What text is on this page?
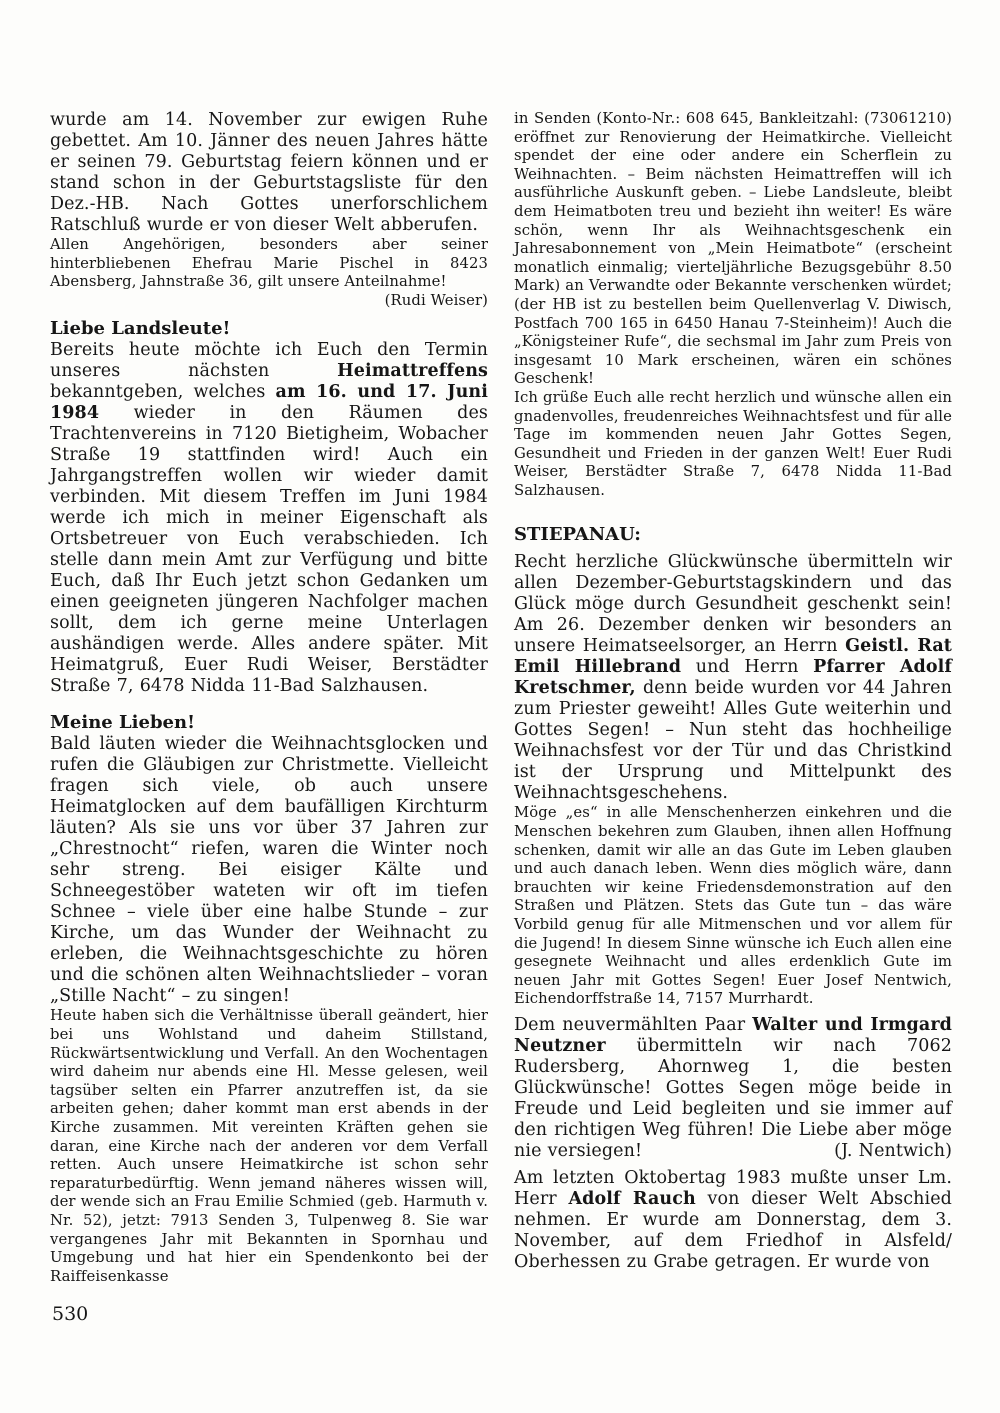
wurde am 14. November zur ewigen Ruhe gebettet. Am 10. Jänner des neuen Jahres hätte er seinen 79. Geburtstag feiern können und er stand schon in der Geburtstagsliste für den Dez.-HB. Nach Gottes unerforschlichem Ratschluß wurde er von dieser Welt abberufen.

Allen Angehörigen, besonders aber seiner hinterbliebenen Ehefrau Marie Pischel in 8423 Abensberg, Jahnstraße 36, gilt unsere Anteilnahme!

(Rudi Weiser)

Liebe Landsleute!

Bereits heute möchte ich Euch den Termin unseres nächsten Heimattreffens bekanntgeben, welches am 16. und 17. Juni 1984 wieder in den Räumen des Trachtenvereins in 7120 Bietigheim, Wobacher Straße 19 stattfinden wird! Auch ein Jahrgangstreffen wollen wir wieder damit verbinden. Mit diesem Treffen im Juni 1984 werde ich mich in meiner Eigenschaft als Ortsbetreuer von Euch verabschieden. Ich stelle dann mein Amt zur Verfügung und bitte Euch, daß Ihr Euch jetzt schon Gedanken um einen geeigneten jüngeren Nachfolger machen sollt, dem ich gerne meine Unterlagen aushändigen werde. Alles andere später. Mit Heimatgruß, Euer Rudi Weiser, Berstädter Straße 7, 6478 Nidda 11-Bad Salzhausen.

Meine Lieben!

Bald läuten wieder die Weihnachtsglocken und rufen die Gläubigen zur Christmette. Vielleicht fragen sich viele, ob auch unsere Heimatglocken auf dem baufälligen Kirchturm läuten? Als sie uns vor über 37 Jahren zur „Chrestnocht“ riefen, waren die Winter noch sehr streng. Bei eisiger Kälte und Schneegestöber wateten wir oft im tiefen Schnee – viele über eine halbe Stunde – zur Kirche, um das Wunder der Weihnacht zu erleben, die Weihnachtsgeschichte zu hören und die schönen alten Weihnachtslieder – voran „Stille Nacht“ – zu singen!

Heute haben sich die Verhältnisse überall geändert, hier bei uns Wohlstand und daheim Stillstand, Rückwärtsentwicklung und Verfall. An den Wochentagen wird daheim nur abends eine Hl. Messe gelesen, weil tagsüber selten ein Pfarrer anzutreffen ist, da sie arbeiten gehen; daher kommt man erst abends in der Kirche zusammen. Mit vereinten Kräften gehen sie daran, eine Kirche nach der anderen vor dem Verfall retten. Auch unsere Heimatkirche ist schon sehr reparaturbedürftig. Wenn jemand näheres wissen will, der wende sich an Frau Emilie Schmied (geb. Harmuth v. Nr. 52), jetzt: 7913 Senden 3, Tulpenweg 8. Sie war vergangenes Jahr mit Bekannten in Spornhau und Umgebung und hat hier ein Spendenkonto bei der Raiffeisenkasse

in Senden (Konto-Nr.: 608 645, Bankleitzahl: (73061210) eröffnet zur Renovierung der Heimatkirche. Vielleicht spendet der eine oder andere ein Scherflein zu Weihnachten. – Beim nächsten Heimattreffen will ich ausführliche Auskunft geben. – Liebe Landsleute, bleibt dem Heimatboten treu und bezieht ihn weiter! Es wäre schön, wenn Ihr als Weihnachtsgeschenk ein Jahresabonnement von „Mein Heimatbote“ (erscheint monatlich einmalig; vierteljährliche Bezugsgebühr 8.50 Mark) an Verwandte oder Bekannte verschenken würdet; (der HB ist zu bestellen beim Quellenverlag V. Diwisch, Postfach 700 165 in 6450 Hanau 7-Steinheim)! Auch die „Königsteiner Rufe“, die sechsmal im Jahr zum Preis von insgesamt 10 Mark erscheinen, wären ein schönes Geschenk!

Ich grüße Euch alle recht herzlich und wünsche allen ein gnadenvolles, freudenreiches Weihnachtsfest und für alle Tage im kommenden neuen Jahr Gottes Segen, Gesundheit und Frieden in der ganzen Welt! Euer Rudi Weiser, Berstädter Straße 7, 6478 Nidda 11-Bad Salzhausen.

STIEPANAU:

Recht herzliche Glückwünsche übermitteln wir allen Dezember-Geburtstagskindern und das Glück möge durch Gesundheit geschenkt sein! Am 26. Dezember denken wir besonders an unsere Heimatseelsorger, an Herrn Geistl. Rat Emil Hillebrand und Herrn Pfarrer Adolf Kretschmer, denn beide wurden vor 44 Jahren zum Priester geweiht! Alles Gute weiterhin und Gottes Segen! – Nun steht das hochheilige Weihnachsfest vor der Tür und das Christkind ist der Ursprung und Mittelpunkt des Weihnachtsgeschehens.

Möge „es“ in alle Menschenherzen einkehren und die Menschen bekehren zum Glauben, ihnen allen Hoffnung schenken, damit wir alle an das Gute im Leben glauben und auch danach leben. Wenn dies möglich wäre, dann brauchten wir keine Friedensdemonstration auf den Straßen und Plätzen. Stets das Gute tun – das wäre Vorbild genug für alle Mitmenschen und vor allem für die Jugend! In diesem Sinne wünsche ich Euch allen eine gesegnete Weihnacht und alles erdenklich Gute im neuen Jahr mit Gottes Segen! Euer Josef Nentwich, Eichendorffstraße 14, 7157 Murrhardt.

Dem neuvermählten Paar Walter und Irmgard Neutzner übermitteln wir nach 7062 Rudersberg, Ahornweg 1, die besten Glückwünsche! Gottes Segen möge beide in Freude und Leid begleiten und sie immer auf den richtigen Weg führen! Die Liebe aber möge nie versiegen!	(J. Nentwich)

Am letzten Oktobertag 1983 mußte unser Lm. Herr Adolf Rauch von dieser Welt Abschied nehmen. Er wurde am Donnerstag, dem 3. November, auf dem Friedhof in Alsfeld/ Oberhessen zu Grabe getragen. Er wurde von

530
